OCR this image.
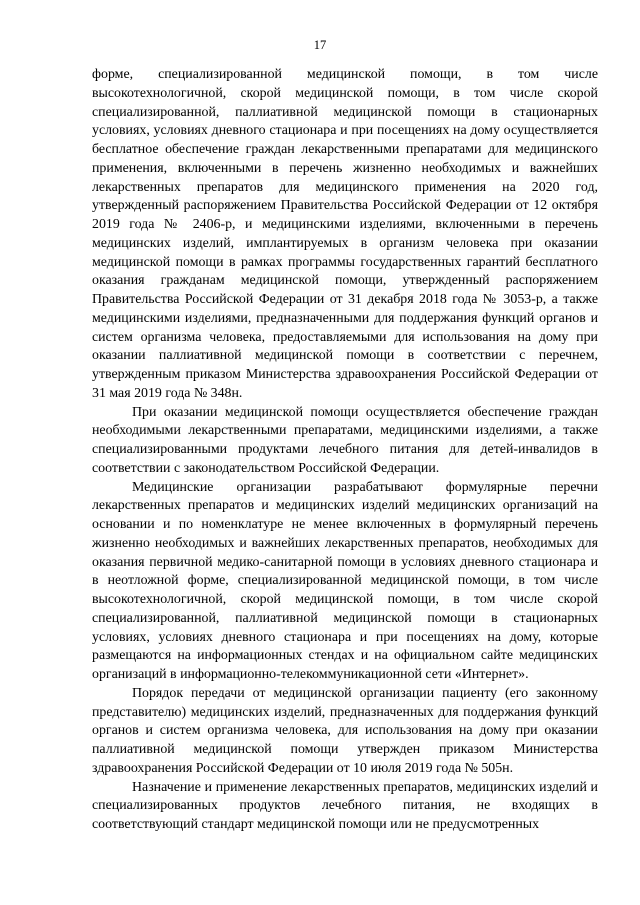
17

форме, специализированной медицинской помощи, в том числе высокотехнологичной, скорой медицинской помощи, в том числе скорой специализированной, паллиативной медицинской помощи в стационарных условиях, условиях дневного стационара и при посещениях на дому осуществляется бесплатное обеспечение граждан лекарственными препаратами для медицинского применения, включенными в перечень жизненно необходимых и важнейших лекарственных препаратов для медицинского применения на 2020 год, утвержденный распоряжением Правительства Российской Федерации от 12 октября 2019 года № 2406-р, и медицинскими изделиями, включенными в перечень медицинских изделий, имплантируемых в организм человека при оказании медицинской помощи в рамках программы государственных гарантий бесплатного оказания гражданам медицинской помощи, утвержденный распоряжением Правительства Российской Федерации от 31 декабря 2018 года № 3053-р, а также медицинскими изделиями, предназначенными для поддержания функций органов и систем организма человека, предоставляемыми для использования на дому при оказании паллиативной медицинской помощи в соответствии с перечнем, утвержденным приказом Министерства здравоохранения Российской Федерации от 31 мая 2019 года № 348н.

При оказании медицинской помощи осуществляется обеспечение граждан необходимыми лекарственными препаратами, медицинскими изделиями, а также специализированными продуктами лечебного питания для детей-инвалидов в соответствии с законодательством Российской Федерации.

Медицинские организации разрабатывают формулярные перечни лекарственных препаратов и медицинских изделий медицинских организаций на основании и по номенклатуре не менее включенных в формулярный перечень жизненно необходимых и важнейших лекарственных препаратов, необходимых для оказания первичной медико-санитарной помощи в условиях дневного стационара и в неотложной форме, специализированной медицинской помощи, в том числе высокотехнологичной, скорой медицинской помощи, в том числе скорой специализированной, паллиативной медицинской помощи в стационарных условиях, условиях дневного стационара и при посещениях на дому, которые размещаются на информационных стендах и на официальном сайте медицинских организаций в информационно-телекоммуникационной сети «Интернет».

Порядок передачи от медицинской организации пациенту (его законному представителю) медицинских изделий, предназначенных для поддержания функций органов и систем организма человека, для использования на дому при оказании паллиативной медицинской помощи утвержден приказом Министерства здравоохранения Российской Федерации от 10 июля 2019 года № 505н.

Назначение и применение лекарственных препаратов, медицинских изделий и специализированных продуктов лечебного питания, не входящих в соответствующий стандарт медицинской помощи или не предусмотренных
